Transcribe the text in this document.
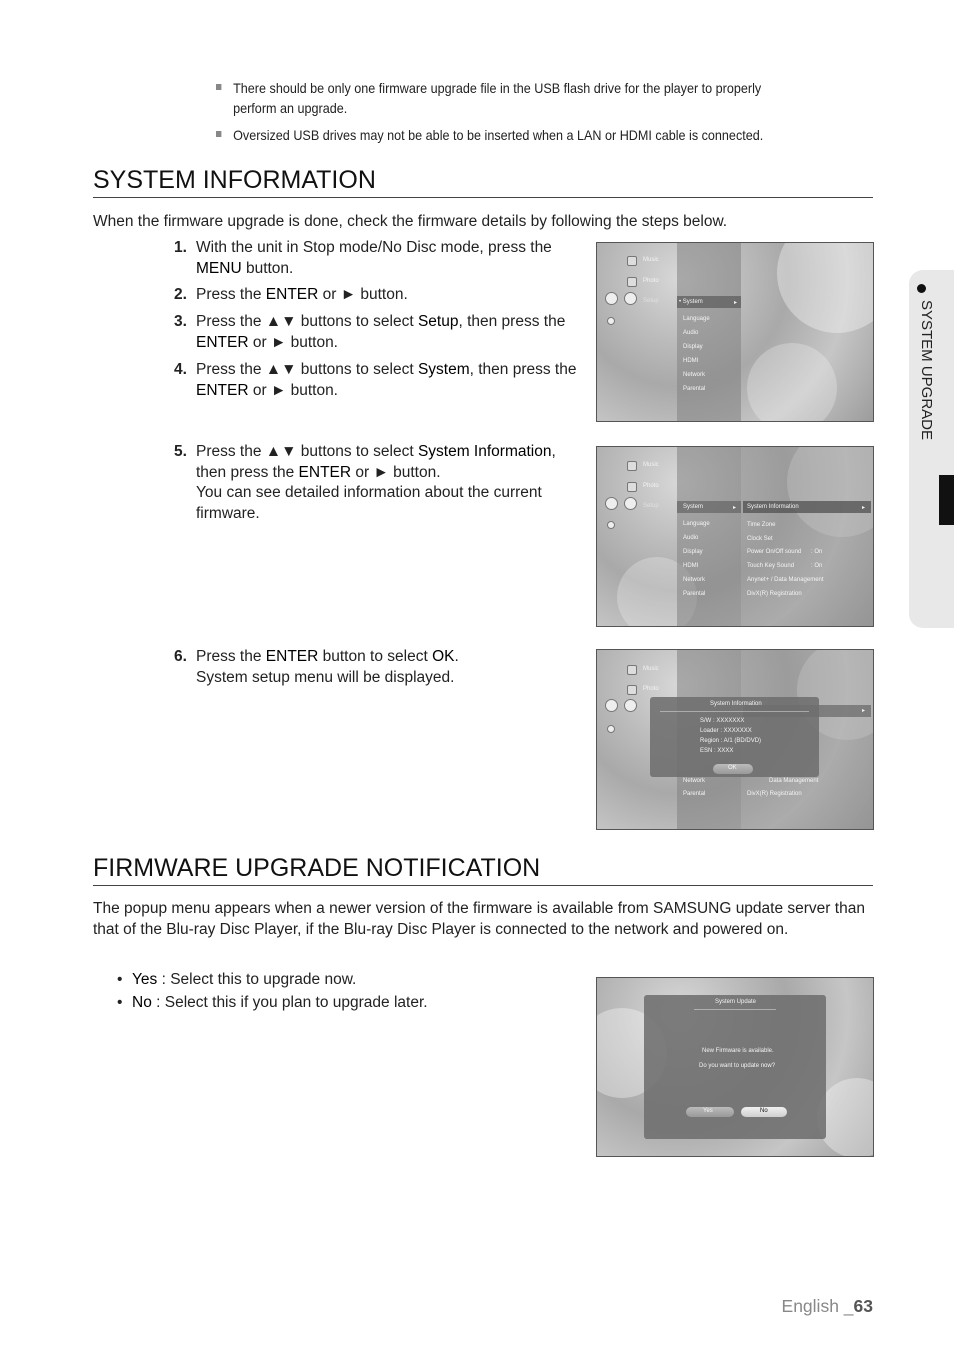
There should be only one firmware upgrade file in the USB flash drive for the player to properly perform an upgrade.
Oversized USB drives may not be able to be inserted when a LAN or HDMI cable is connected.
SYSTEM INFORMATION
When the firmware upgrade is done, check the firmware details by following the steps below.
1. With the unit in Stop mode/No Disc mode, press the MENU button.
2. Press the ENTER or ► button.
3. Press the ▲▼ buttons to select Setup, then press the ENTER or ► button.
4. Press the ▲▼ buttons to select System, then press the ENTER or ► button.
5. Press the ▲▼ buttons to select System Information, then press the ENTER or ► button.
You can see detailed information about the current firmware.
6. Press the ENTER button to select OK.
System setup menu will be displayed.
Music
Photo
Setup	• System	▸
Language
Audio
Display
HDMI
Network
Parental
Music
Photo
Setup	System	▸ System Information	▸
Language
Audio
Display
HDMI
Network
Parental
Time Zone
Clock Set
Power On/Off sound : On
Touch Key Sound	: On
Anynet+ / Data Management
DivX(R) Registration
Music
Photo
▸
System Information
S/W : XXXXXXX
Loader : XXXXXXX
Region : A/1 (BD/DVD)
ESN : XXXX
OK
Network
Parental
Data Management
DivX(R) Registration
FIRMWARE UPGRADE NOTIFICATION
The popup menu appears when a newer version of the firmware is available from SAMSUNG update server than that of the Blu-ray Disc Player, if the Blu-ray Disc Player is connected to the network and powered on.
• Yes : Select this to upgrade now.
• No : Select this if you plan to upgrade later.	System Update
New Firmware is available.
Do you want to update now?
Yes	No
SYSTEM UPGRADE
English _63
